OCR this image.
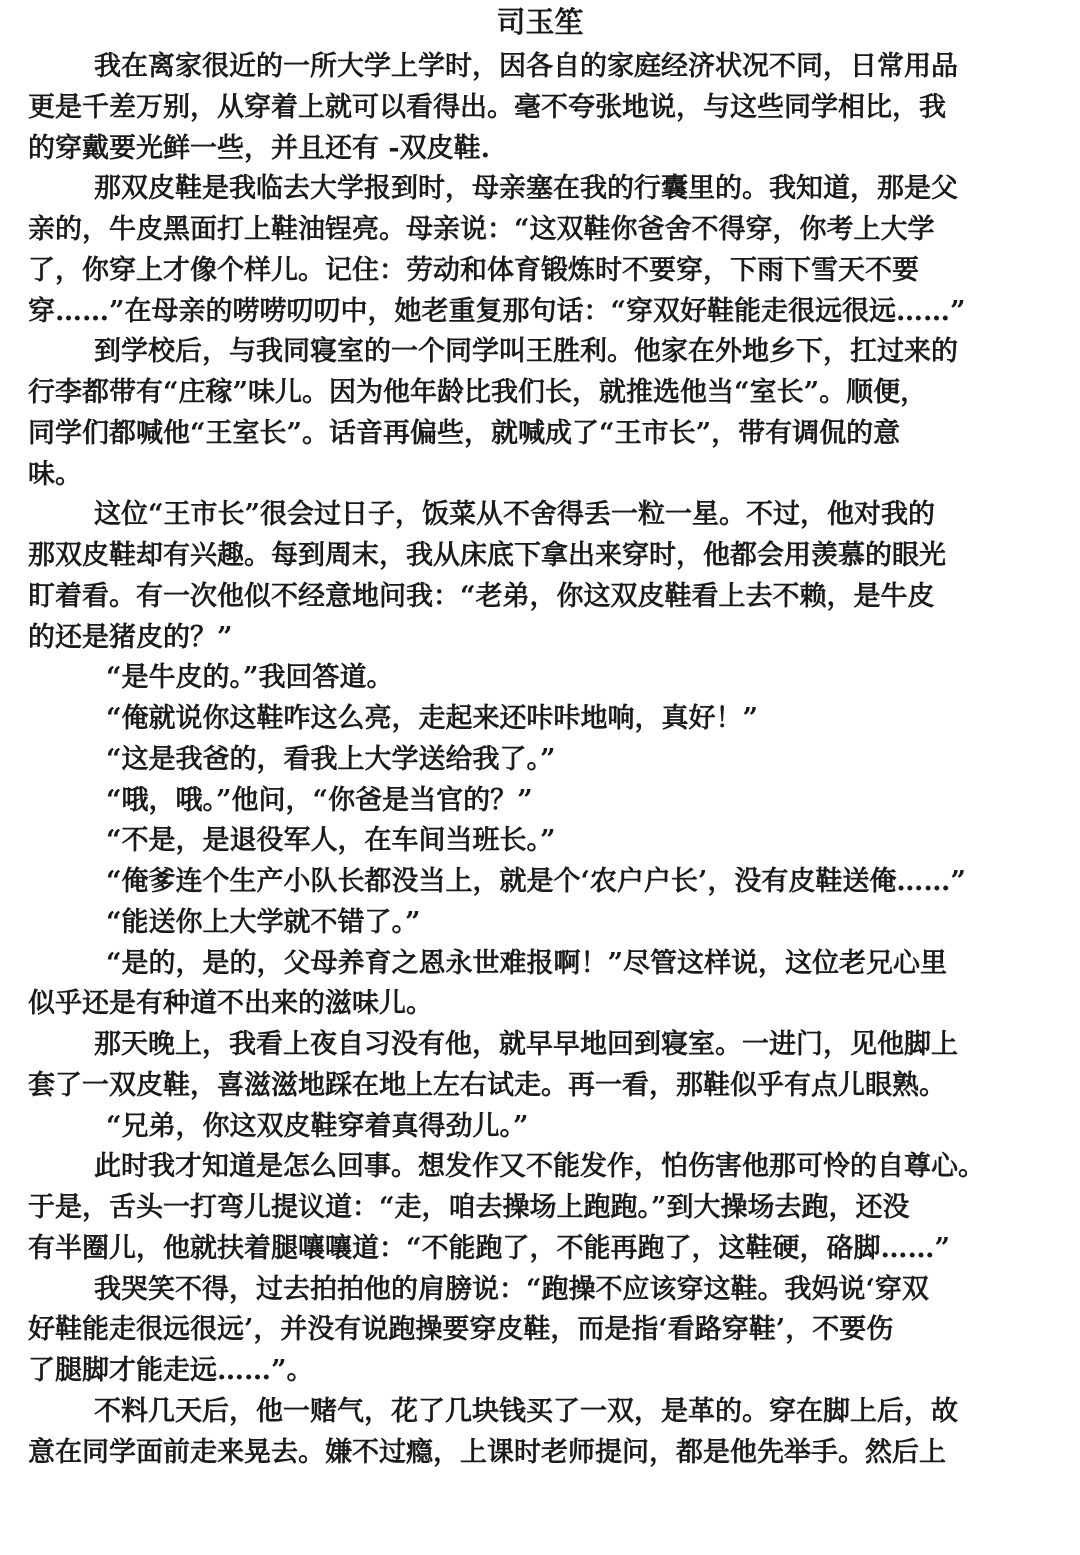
司玉笙
我在离家很近的一所大学上学时，因各自的家庭经济状况不同，日常用品
更是千差万别，从穿着上就可以看得出。毫不夸张地说，与这些同学相比，我
的穿戴要光鲜一些，并且还有 -双皮鞋.
那双皮鞋是我临去大学报到时，母亲塞在我的行囊里的。我知道，那是父
亲的，牛皮黑面打上鞋油锃亮。母亲说：“这双鞋你爸舍不得穿，你考上大学
了，你穿上才像个样儿。记住：劳动和体育锻炼时不要穿，下雨下雪天不要
穿……”在母亲的唠唠叨叨中，她老重复那句话：“穿双好鞋能走很远很远……”
到学校后，与我同寝室的一个同学叫王胜利。他家在外地乡下，扛过来的
行李都带有“庄稼”味儿。因为他年龄比我们长，就推选他当“室长”。顺便，
同学们都喊他“王室长”。话音再偏些，就喊成了“王市长”，带有调侃的意
味。
这位“王市长”很会过日子，饭菜从不舍得丢一粒一星。不过，他对我的
那双皮鞋却有兴趣。每到周末，我从床底下拿出来穿时，他都会用羡慕的眼光
盯着看。有一次他似不经意地问我：“老弟，你这双皮鞋看上去不赖，是牛皮
的还是猪皮的？”
“是牛皮的。”我回答道。
“俺就说你这鞋咋这么亮，走起来还咔咔地响，真好！”
“这是我爸的，看我上大学送给我了。”
“哦，哦。”他问，“你爸是当官的？”
“不是，是退役军人，在车间当班长。”
“俺爹连个生产小队长都没当上，就是个‘农户户长’，没有皮鞋送俺……”
“能送你上大学就不错了。”
“是的，是的，父母养育之恩永世难报啊！”尽管这样说，这位老兄心里
似乎还是有种道不出来的滋味儿。
那天晚上，我看上夜自习没有他，就早早地回到寝室。一进门，见他脚上
套了一双皮鞋，喜滋滋地踩在地上左右试走。再一看，那鞋似乎有点儿眼熟。
“兄弟，你这双皮鞋穿着真得劲儿。”
此时我才知道是怎么回事。想发作又不能发作，怕伤害他那可怜的自尊心。
于是，舌头一打弯儿提议道：“走，咱去操场上跑跑。”到大操场去跑，还没
有半圈儿，他就扶着腿嚷嚷道：“不能跑了，不能再跑了，这鞋硬，硌脚……”
我哭笑不得，过去拍拍他的肩膀说：“跑操不应该穿这鞋。我妈说‘穿双
好鞋能走很远很远’，并没有说跑操要穿皮鞋，而是指‘看路穿鞋’，不要伤
了腿脚才能走远……”。
不料几天后，他一赌气，花了几块钱买了一双，是革的。穿在脚上后，故
意在同学面前走来晃去。嫌不过瘾，上课时老师提问，都是他先举手。然后上
